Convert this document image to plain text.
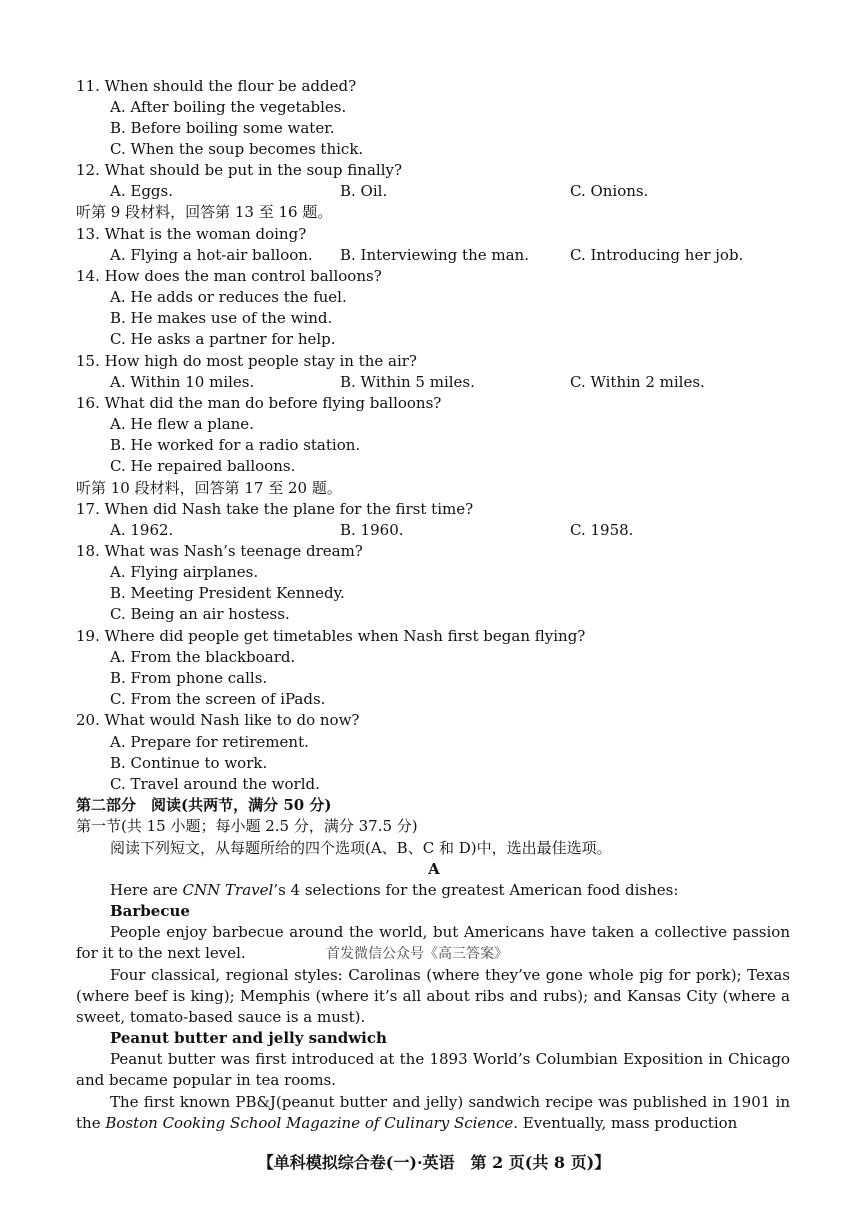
11. When should the flour be added?
A. After boiling the vegetables.
B. Before boiling some water.
C. When the soup becomes thick.
12. What should be put in the soup finally?
A. Eggs.	B. Oil.	C. Onions.
听第 9 段材料，回答第 13 至 16 题。
13. What is the woman doing?
A. Flying a hot-air balloon. B. Interviewing the man.	C. Introducing her job.
14. How does the man control balloons?
A. He adds or reduces the fuel.
B. He makes use of the wind.
C. He asks a partner for help.
15. How high do most people stay in the air?
A. Within 10 miles.	B. Within 5 miles.	C. Within 2 miles.
16. What did the man do before flying balloons?
A. He flew a plane.
B. He worked for a radio station.
C. He repaired balloons.
听第 10 段材料，回答第 17 至 20 题。
17. When did Nash take the plane for the first time?
A. 1962.	B. 1960.	C. 1958.
18. What was Nash’s teenage dream?
A. Flying airplanes.
B. Meeting President Kennedy.
C. Being an air hostess.
19. Where did people get timetables when Nash first began flying?
A. From the blackboard.
B. From phone calls.
C. From the screen of iPads.
20. What would Nash like to do now?
A. Prepare for retirement.
B. Continue to work.
C. Travel around the world.
第二部分　阅读(共两节，满分 50 分)
第一节(共 15 小题；每小题 2.5 分，满分 37.5 分)
阅读下列短文，从每题所给的四个选项(A、B、C 和 D)中，选出最佳选项。
A

Here are CNN Travel’s 4 selections for the greatest American food dishes:

Barbecue

People enjoy barbecue around the world, but Americans have taken a collective passion for it to the next level.	首发微信公众号《高三答案》

Four classical, regional styles: Carolinas (where they’ve gone whole pig for pork); Texas (where beef is king); Memphis (where it’s all about ribs and rubs); and Kansas City (where a sweet, tomato-based sauce is a must).

Peanut butter and jelly sandwich

Peanut butter was first introduced at the 1893 World’s Columbian Exposition in Chicago and became popular in tea rooms.

The first known PB&J(peanut butter and jelly) sandwich recipe was published in 1901 in the Boston Cooking School Magazine of Culinary Science. Eventually, mass production

【单科模拟综合卷(一)·英语　第 2 页(共 8 页)】
